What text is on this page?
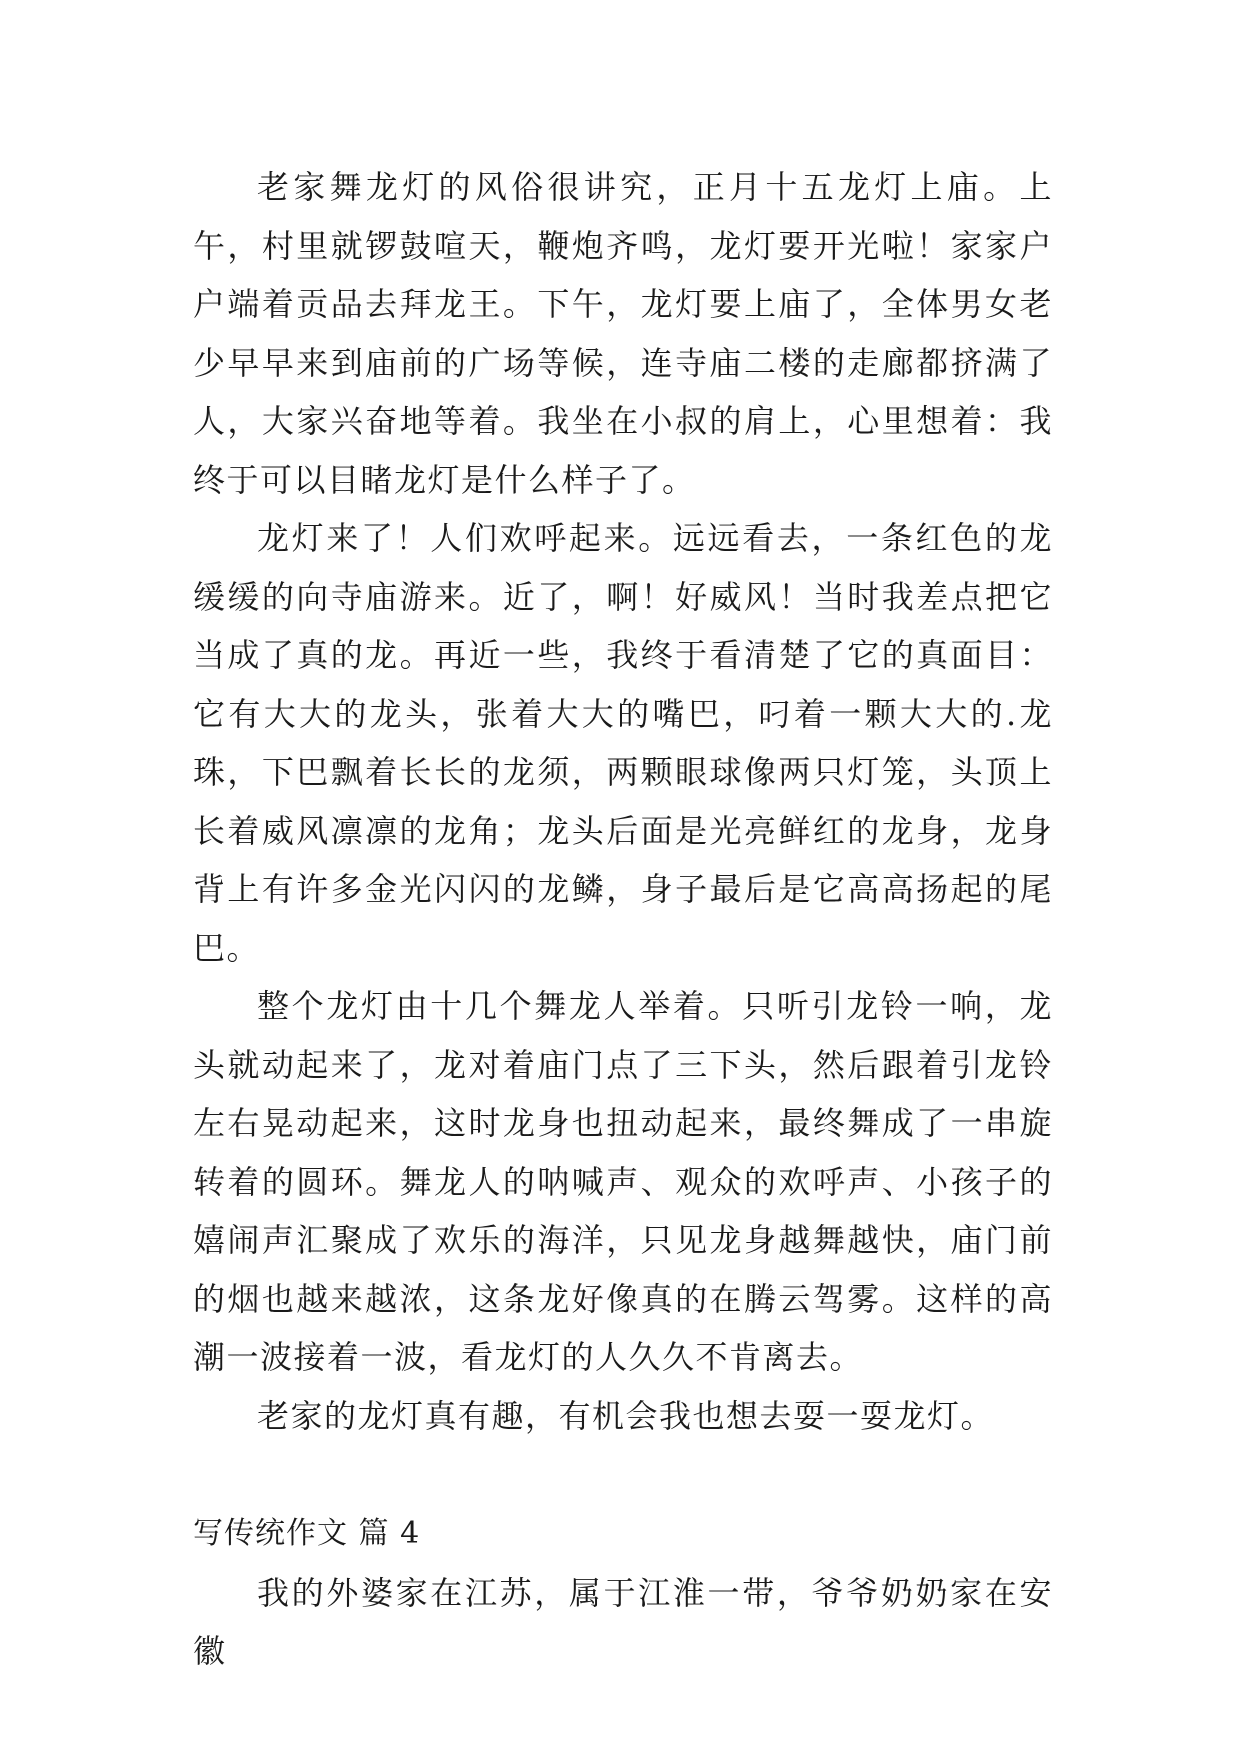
老家舞龙灯的风俗很讲究，正月十五龙灯上庙。上午，村里就锣鼓喧天，鞭炮齐鸣，龙灯要开光啦！家家户户端着贡品去拜龙王。下午，龙灯要上庙了，全体男女老少早早来到庙前的广场等候，连寺庙二楼的走廊都挤满了人，大家兴奋地等着。我坐在小叔的肩上，心里想着：我终于可以目睹龙灯是什么样子了。

龙灯来了！人们欢呼起来。远远看去，一条红色的龙缓缓的向寺庙游来。近了，啊！好威风！当时我差点把它当成了真的龙。再近一些，我终于看清楚了它的真面目：它有大大的龙头，张着大大的嘴巴，叼着一颗大大的.龙珠，下巴飘着长长的龙须，两颗眼球像两只灯笼，头顶上长着威风凛凛的龙角；龙头后面是光亮鲜红的龙身，龙身背上有许多金光闪闪的龙鳞，身子最后是它高高扬起的尾巴。

整个龙灯由十几个舞龙人举着。只听引龙铃一响，龙头就动起来了，龙对着庙门点了三下头，然后跟着引龙铃左右晃动起来，这时龙身也扭动起来，最终舞成了一串旋转着的圆环。舞龙人的呐喊声、观众的欢呼声、小孩子的嬉闹声汇聚成了欢乐的海洋，只见龙身越舞越快，庙门前的烟也越来越浓，这条龙好像真的在腾云驾雾。这样的高潮一波接着一波，看龙灯的人久久不肯离去。

老家的龙灯真有趣，有机会我也想去耍一耍龙灯。

写传统作文 篇 4

我的外婆家在江苏，属于江淮一带，爷爷奶奶家在安徽
